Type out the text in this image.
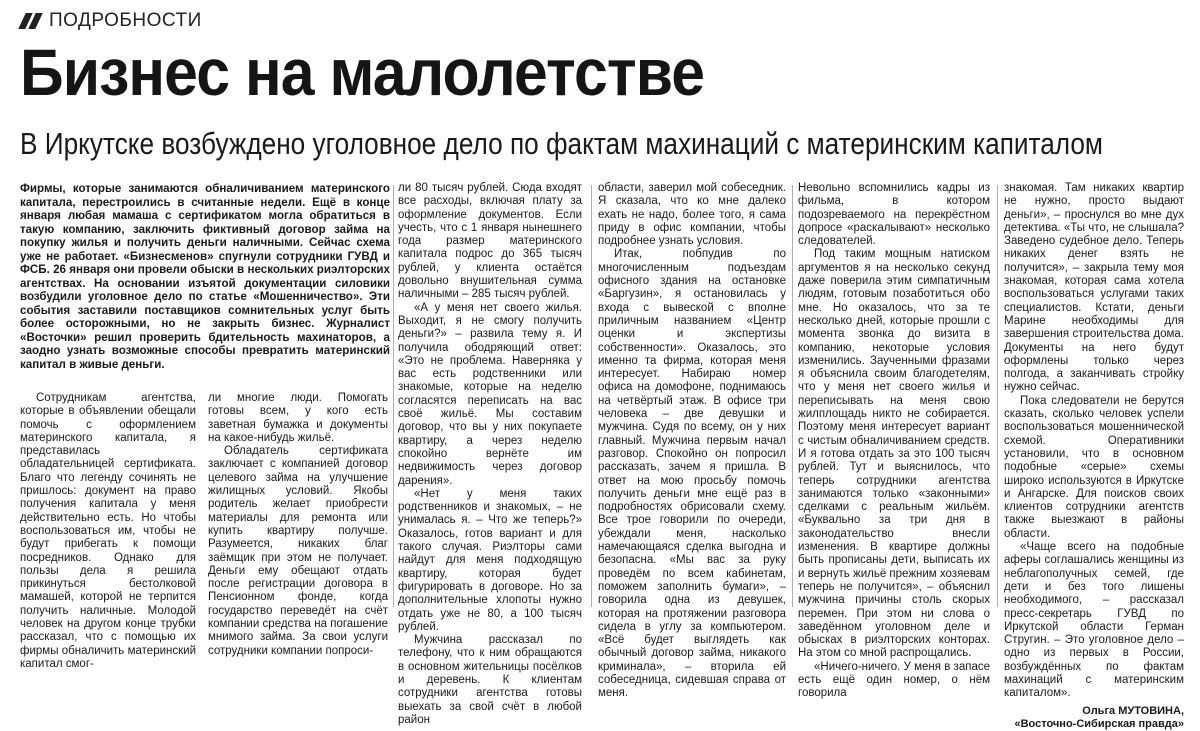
ПОДРОБНОСТИ
Бизнес на малолетстве
В Иркутске возбуждено уголовное дело по фактам махинаций с материнским капиталом

Фирмы, которые занимаются обналичиванием материнского капитала, перестроились в считанные недели. Ещё в конце января любая мамаша с сертификатом могла обратиться в такую компанию, заключить фиктивный договор займа на покупку жилья и получить деньги наличными. Сейчас схема уже не работает. «Бизнесменов» спугнули сотрудники ГУВД и ФСБ. 26 января они провели обыски в нескольких риэлторских агентствах. На основании изъятой документации силовики возбудили уголовное дело по статье «Мошенничество». Эти события заставили поставщиков сомнительных услуг быть более осторожными, но не закрыть бизнес. Журналист «Восточки» решил проверить бдительность махинаторов, а заодно узнать возможные способы превратить материнский капитал в живые деньги.

Сотрудникам агентства, которые в объявлении обещали помочь с оформлением материнского капитала, я представилась обладательницей сертификата. Благо что легенду сочинять не пришлось: документ на право получения капитала у меня действительно есть. Но чтобы воспользоваться им, чтобы не будут прибегать к помощи посредников. Однако для пользы дела я решила прикинуться бестолковой мамашей, которой не терпится получить наличные. Молодой человек на другом конце трубки рассказал, что с помощью их фирмы обналичить материнский капитал смог-

ли многие люди. Помогать готовы всем, у кого есть заветная бумажка и документы на какое-нибудь жильё.

Обладатель сертификата заключает с компанией договор целевого займа на улучшение жилищных условий. Якобы родитель желает приобрести материалы для ремонта или купить квартиру получше. Разумеется, никаких благ заёмщик при этом не получает. Деньги ему обещают отдать после регистрации договора в Пенсионном фонде, когда государство переведёт на счёт компании средства на погашение мнимого займа. За свои услуги сотрудники компании попроси-

ли 80 тысяч рублей. Сюда входят все расходы, включая плату за оформление документов. Если учесть, что с 1 января нынешнего года размер материнского капитала подрос до 365 тысяч рублей, у клиента остаётся довольно внушительная сумма наличными – 285 тысяч рублей.

«А у меня нет своего жилья. Выходит, я не смогу получить деньги?» – развила тему я. И получила ободряющий ответ: «Это не проблема. Наверняка у вас есть родственники или знакомые, которые на неделю согласятся переписать на вас своё жильё. Мы составим договор, что вы у них покупаете квартиру, а через неделю спокойно вернёте им недвижимость через договор дарения».

«Нет у меня таких родственников и знакомых, – не унималась я. – Что же теперь?» Оказалось, готов вариант и для такого случая. Риэлторы сами найдут для меня подходящую квартиру, которая будет фигурировать в договоре. Но за дополнительные хлопоты нужно отдать уже не 80, а 100 тысяч рублей.

Мужчина рассказал по телефону, что к ним обращаются в основном жительницы посёлков и деревень. К клиентам сотрудники агентства готовы выехать за свой счёт в любой район

области, заверил мой собеседник. Я сказала, что ко мне далеко ехать не надо, более того, я сама приду в офис компании, чтобы подробнее узнать условия.

Итак, побпудив по многочисленным подъездам офисного здания на остановке «Баргузин», я остановилась у входа с вывеской с вполне приличным названием «Центр оценки и экспертизы собственности». Оказалось, это именно та фирма, которая меня интересует. Набираю номер офиса на домофоне, поднимаюсь на четвёртый этаж. В офисе три человека – две девушки и мужчина. Судя по всему, он у них главный. Мужчина первым начал разговор. Спокойно он попросил рассказать, зачем я пришла. В ответ на мою просьбу помочь получить деньги мне ещё раз в подробностях обрисовали схему. Все трое говорили по очереди, убеждали меня, насколько намечающаяся сделка выгодна и безопасна. «Мы вас за руку проведём по всем кабинетам, поможем заполнить бумаги», – говорила одна из девушек, которая на протяжении разговора сидела в углу за компьютером. «Всё будет выглядеть как обычный договор займа, никакого криминала», – вторила ей собеседница, сидевшая справа от меня.

Невольно вспомнились кадры из фильма, в котором подозреваемого на перекрёстном допросе «раскалывают» несколько следователей.

Под таким мощным натиском аргументов я на несколько секунд даже поверила этим симпатичным людям, готовым позаботиться обо мне. Но оказалось, что за те несколько дней, которые прошли с момента звонка до визита в компанию, некоторые условия изменились. Заученными фразами я объяснила своим благодетелям, что у меня нет своего жилья и переписывать на меня свою жилплощадь никто не собирается. Поэтому меня интересует вариант с чистым обналичиванием средств. И я готова отдать за это 100 тысяч рублей. Тут и выяснилось, что теперь сотрудники агентства занимаются только «законными» сделками с реальным жильём. «Буквально за три дня в законодательство внесли изменения. В квартире должны быть прописаны дети, выписать их и вернуть жильё прежним хозяевам теперь не получится», – объяснил мужчина причины столь скорых перемен. При этом ни слова о заведённом уголовном деле и обысках в риэлторских конторах. На этом со мной распрощались.

«Ничего-ничего. У меня в запасе есть ещё один номер, о нём говорила

знакомая. Там никаких квартир не нужно, просто выдают деньги», – проснулся во мне дух детектива. «Ты что, не слышала? Заведено судебное дело. Теперь никаких денег взять не получится», – закрыла тему моя знакомая, которая сама хотела воспользоваться услугами таких специалистов. Кстати, деньги Марине необходимы для завершения строительства дома. Документы на него будут оформлены только через полгода, а заканчивать стройку нужно сейчас.

Пока следователи не берутся сказать, сколько человек успели воспользоваться мошеннической схемой. Оперативники установили, что в основном подобные «серые» схемы широко используются в Иркутске и Ангарске. Для поисков своих клиентов сотрудники агентств также выезжают в районы области.

«Чаще всего на подобные аферы соглашались женщины из неблагополучных семей, где дети и без того лишены необходимого, – рассказал пресс-секретарь ГУВД по Иркутской области Герман Стругин. – Это уголовное дело – одно из первых в России, возбуждённых по фактам махинаций с материнским капиталом».

Ольга МУТОВИНА,
«Восточно-Сибирская правда»
